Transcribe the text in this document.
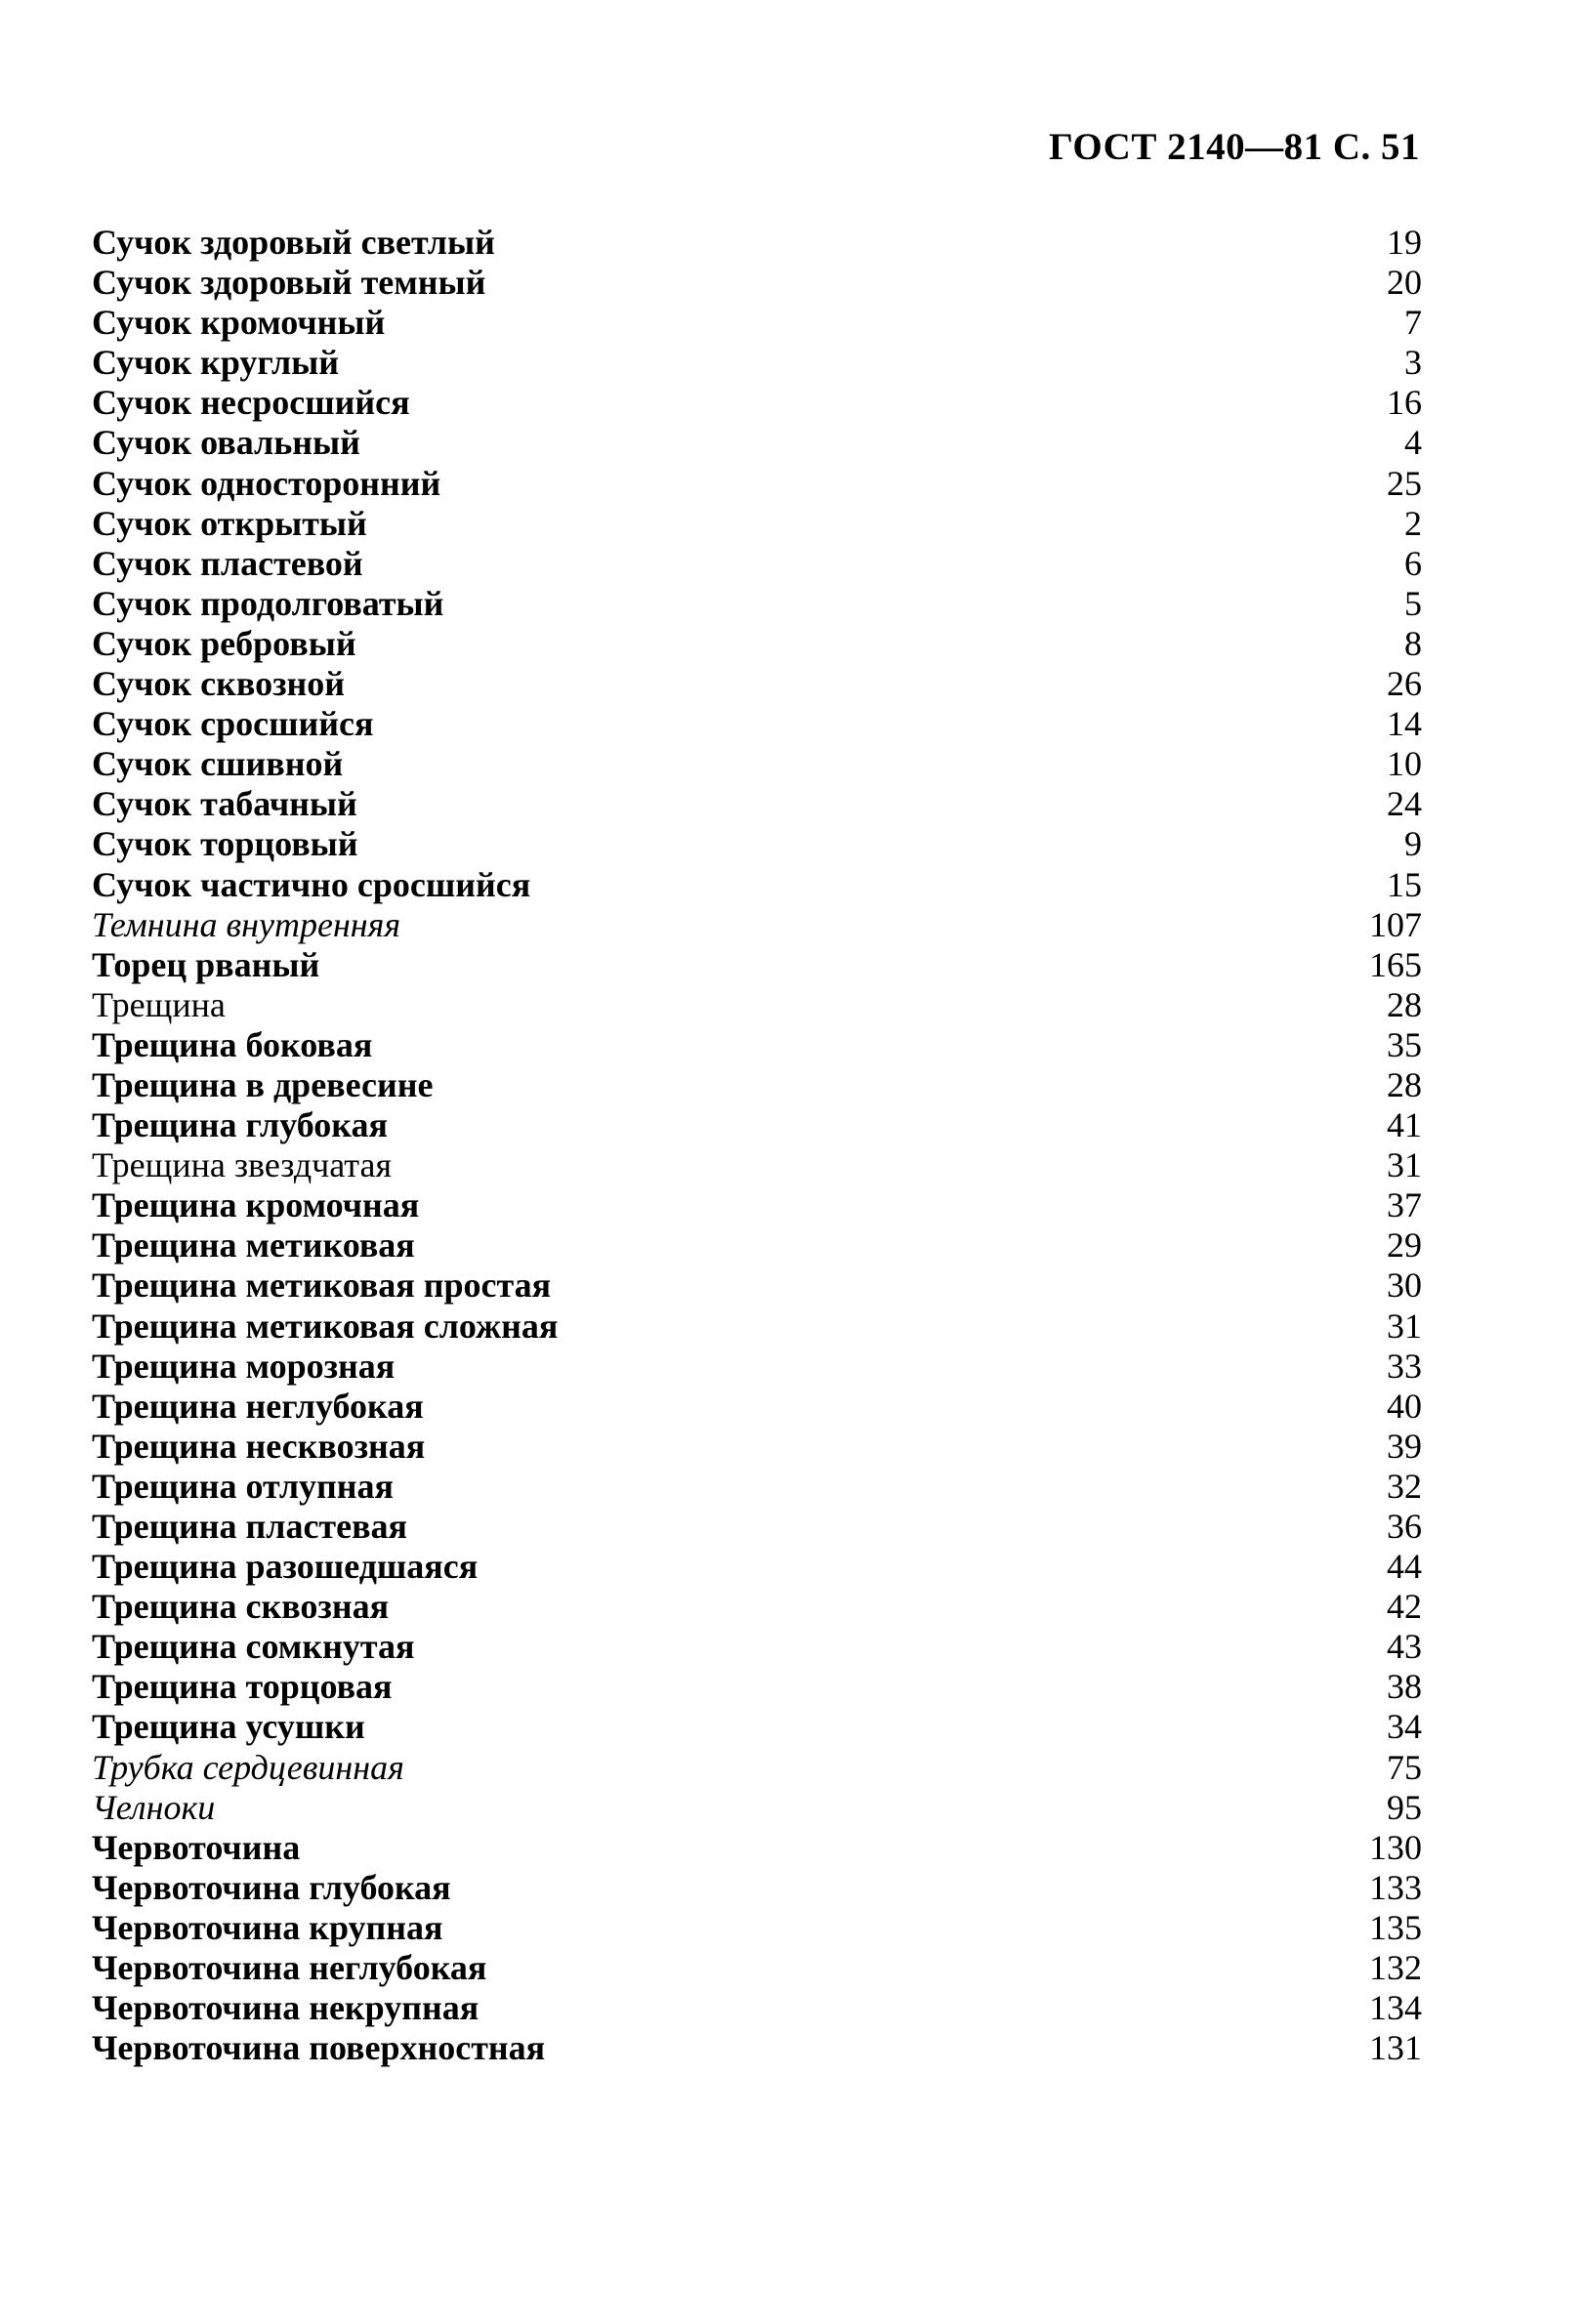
ГОСТ 2140—81 С. 51
Сучок здоровый светлый	19
Сучок здоровый темный	20
Сучок кромочный	7
Сучок круглый	3
Сучок несросшийся	16
Сучок овальный	4
Сучок односторонний	25
Сучок открытый	2
Сучок пластевой	6
Сучок продолговатый	5
Сучок ребровый	8
Сучок сквозной	26
Сучок сросшийся	14
Сучок сшивной	10
Сучок табачный	24
Сучок торцовый	9
Сучок частично сросшийся	15
Темнина внутренняя	107
Торец рваный	165
Трещина	28
Трещина боковая	35
Трещина в древесине	28
Трещина глубокая	41
Трещина звездчатая	31
Трещина кромочная	37
Трещина метиковая	29
Трещина метиковая простая	30
Трещина метиковая сложная	31
Трещина морозная	33
Трещина неглубокая	40
Трещина несквозная	39
Трещина отлупная	32
Трещина пластевая	36
Трещина разошедшаяся	44
Трещина сквозная	42
Трещина сомкнутая	43
Трещина торцовая	38
Трещина усушки	34
Трубка сердцевинная	75
Челноки	95
Червоточина	130
Червоточина глубокая	133
Червоточина крупная	135
Червоточина неглубокая	132
Червоточина некрупная	134
Червоточина поверхностная	131
